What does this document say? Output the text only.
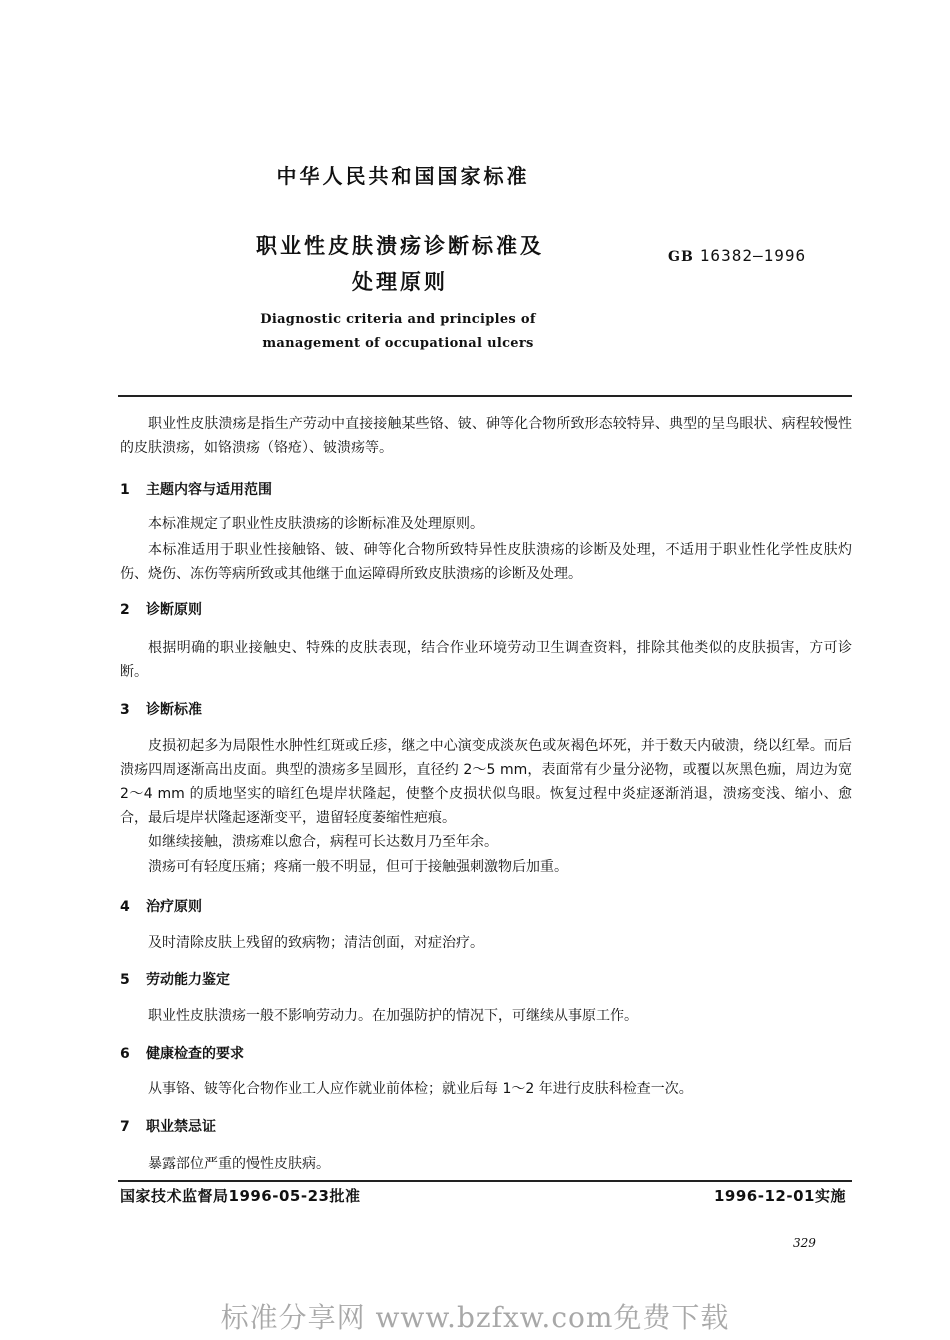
中华人民共和国国家标准
职业性皮肤溃疡诊断标准及
处理原则
GB 16382—1996
Diagnostic criteria and principles of
management of occupational ulcers
职业性皮肤溃疡是指生产劳动中直接接触某些铬、铍、砷等化合物所致形态较特异、典型的呈鸟眼状、病程较慢性的皮肤溃疡，如铬溃疡（铬疮）、铍溃疡等。
1 主题内容与适用范围
本标准规定了职业性皮肤溃疡的诊断标准及处理原则。
本标准适用于职业性接触铬、铍、砷等化合物所致特异性皮肤溃疡的诊断及处理，不适用于职业性化学性皮肤灼伤、烧伤、冻伤等病所致或其他继于血运障碍所致皮肤溃疡的诊断及处理。
2 诊断原则
根据明确的职业接触史、特殊的皮肤表现，结合作业环境劳动卫生调查资料，排除其他类似的皮肤损害，方可诊断。
3 诊断标准
皮损初起多为局限性水肿性红斑或丘疹，继之中心演变成淡灰色或灰褐色坏死，并于数天内破溃，绕以红晕。而后溃疡四周逐渐高出皮面。典型的溃疡多呈圆形，直径约 2～5 mm，表面常有少量分泌物，或覆以灰黑色痂，周边为宽 2～4 mm 的质地坚实的暗红色堤岸状隆起，使整个皮损状似鸟眼。恢复过程中炎症逐渐消退，溃疡变浅、缩小、愈合，最后堤岸状隆起逐渐变平，遗留轻度萎缩性疤痕。
如继续接触，溃疡难以愈合，病程可长达数月乃至年余。
溃疡可有轻度压痛；疼痛一般不明显，但可于接触强刺激物后加重。
4 治疗原则
及时清除皮肤上残留的致病物；清洁创面，对症治疗。
5 劳动能力鉴定
职业性皮肤溃疡一般不影响劳动力。在加强防护的情况下，可继续从事原工作。
6 健康检查的要求
从事铬、铍等化合物作业工人应作就业前体检；就业后每 1～2 年进行皮肤科检查一次。
7 职业禁忌证
暴露部位严重的慢性皮肤病。
国家技术监督局1996-05-23批准	1996-12-01实施
329
标准分享网 www.bzfxw.com免费下载
